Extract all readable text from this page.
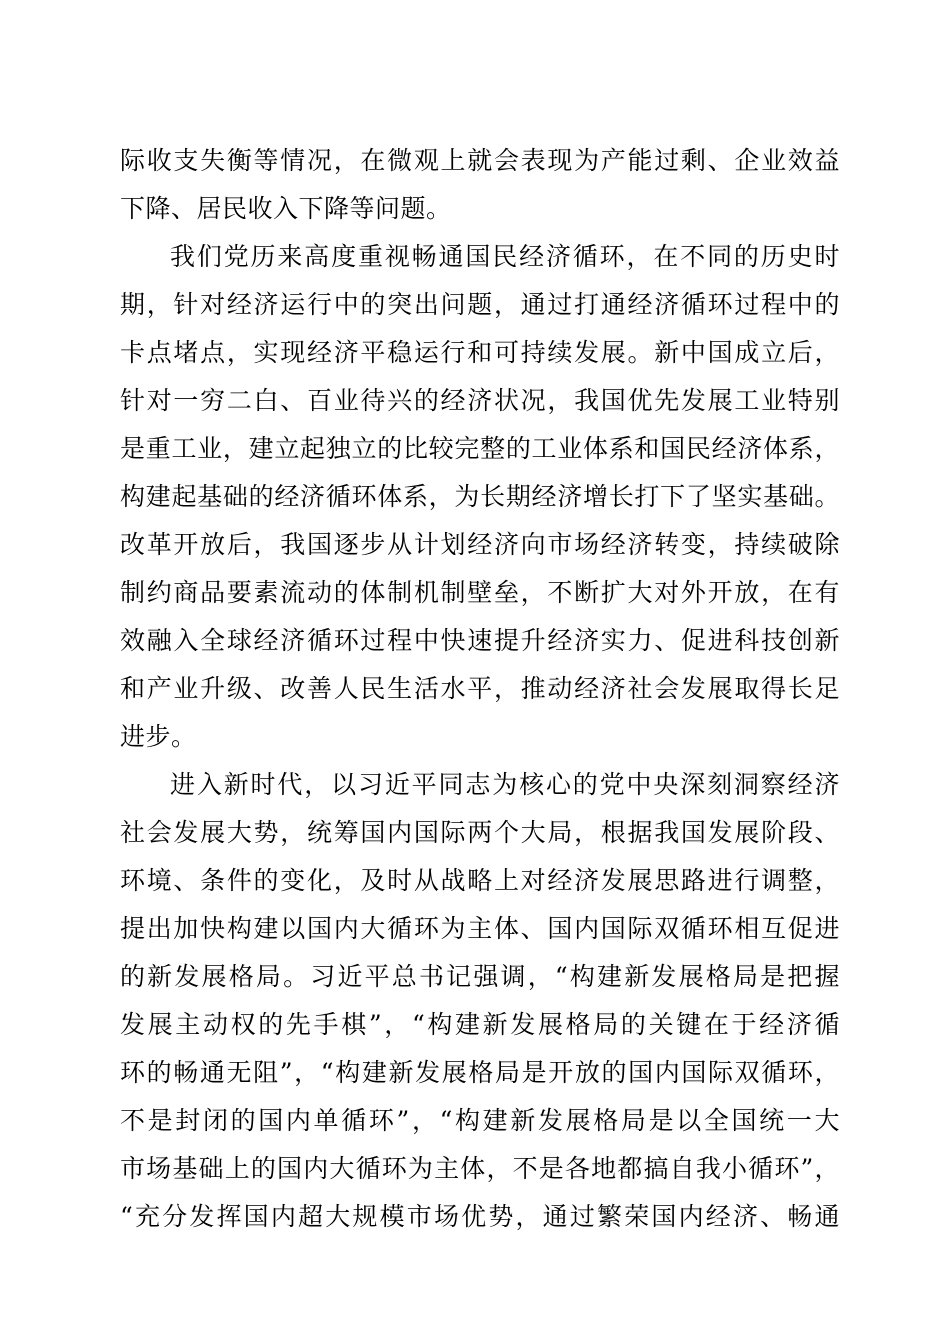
际收支失衡等情况，在微观上就会表现为产能过剩、企业效益
下降、居民收入下降等问题。
我们党历来高度重视畅通国民经济循环，在不同的历史时
期，针对经济运行中的突出问题，通过打通经济循环过程中的
卡点堵点，实现经济平稳运行和可持续发展。新中国成立后，
针对一穷二白、百业待兴的经济状况，我国优先发展工业特别
是重工业，建立起独立的比较完整的工业体系和国民经济体系，
构建起基础的经济循环体系，为长期经济增长打下了坚实基础。
改革开放后，我国逐步从计划经济向市场经济转变，持续破除
制约商品要素流动的体制机制壁垒，不断扩大对外开放，在有
效融入全球经济循环过程中快速提升经济实力、促进科技创新
和产业升级、改善人民生活水平，推动经济社会发展取得长足
进步。
进入新时代，以习近平同志为核心的党中央深刻洞察经济
社会发展大势，统筹国内国际两个大局，根据我国发展阶段、
环境、条件的变化，及时从战略上对经济发展思路进行调整，
提出加快构建以国内大循环为主体、国内国际双循环相互促进
的新发展格局。习近平总书记强调，“构建新发展格局是把握
发展主动权的先手棋”，“构建新发展格局的关键在于经济循
环的畅通无阻”，“构建新发展格局是开放的国内国际双循环，
不是封闭的国内单循环”，“构建新发展格局是以全国统一大
市场基础上的国内大循环为主体，不是各地都搞自我小循环”，
“充分发挥国内超大规模市场优势，通过繁荣国内经济、畅通
